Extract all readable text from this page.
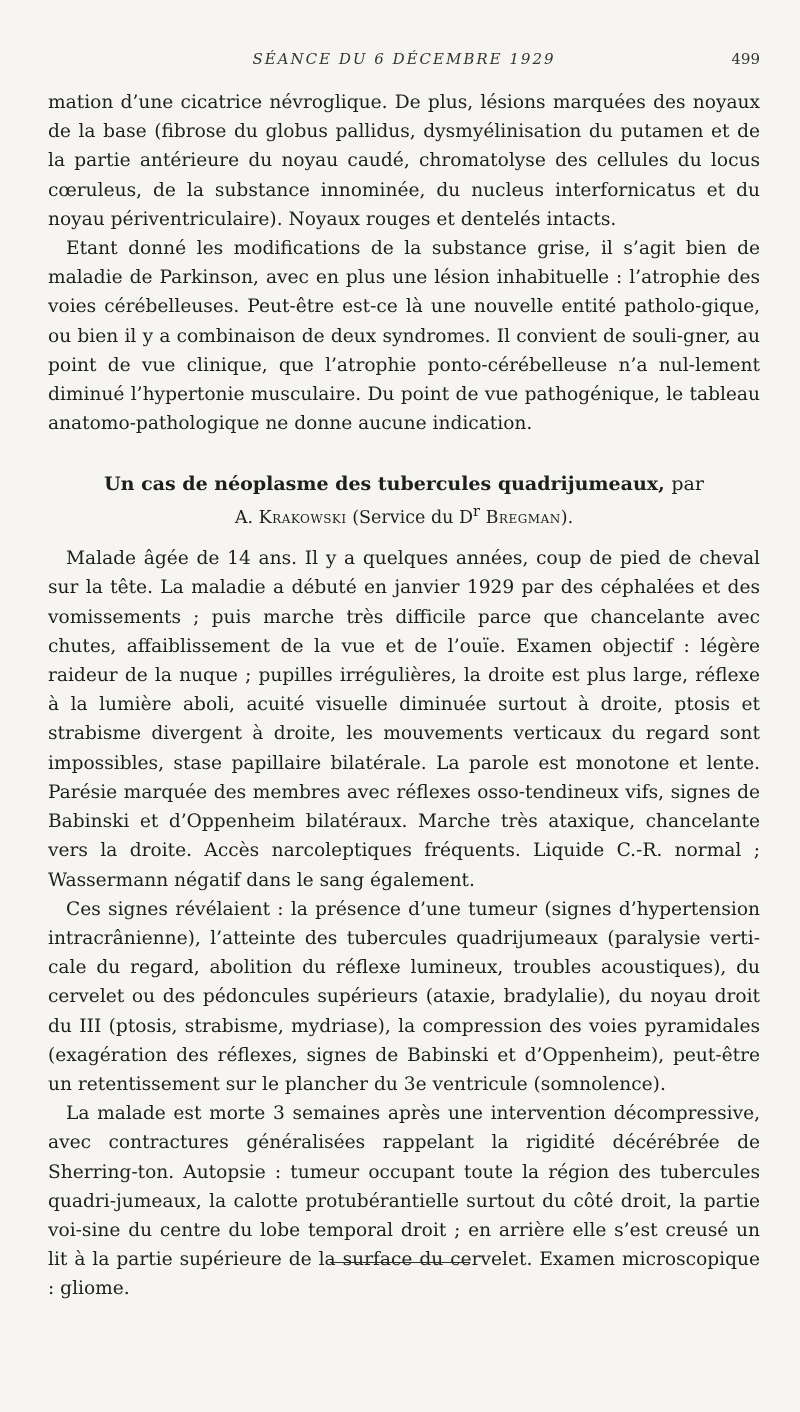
SÉANCE DU 6 DÉCEMBRE 1929	499

mation d’une cicatrice névroglique. De plus, lésions marquées des noyaux de la base (fibrose du globus pallidus, dysmyélinisation du putamen et de la partie antérieure du noyau caudé, chromatolyse des cellules du locus cœruleus, de la substance innominée, du nucleus interfornicatus et du noyau périventriculaire). Noyaux rouges et dentelés intacts.

Etant donné les modifications de la substance grise, il s’agit bien de maladie de Parkinson, avec en plus une lésion inhabituelle : l’atrophie des voies cérébelleuses. Peut-être est-ce là une nouvelle entité patholo-gique, ou bien il y a combinaison de deux syndromes. Il convient de souli-gner, au point de vue clinique, que l’atrophie ponto-cérébelleuse n’a nul-lement diminué l’hypertonie musculaire. Du point de vue pathogénique, le tableau anatomo-pathologique ne donne aucune indication.

Un cas de néoplasme des tubercules quadrijumeaux, par
A. Krakowski (Service du $D^r$ Bregman).

Malade âgée de 14 ans. Il y a quelques années, coup de pied de cheval sur la tête. La maladie a débuté en janvier 1929 par des céphalées et des vomissements ; puis marche très difficile parce que chancelante avec chutes, affaiblissement de la vue et de l’ouïe. Examen objectif : légère raideur de la nuque ; pupilles irrégulières, la droite est plus large, réflexe à la lumière aboli, acuité visuelle diminuée surtout à droite, ptosis et strabisme divergent à droite, les mouvements verticaux du regard sont impossibles, stase papillaire bilatérale. La parole est monotone et lente. Parésie marquée des membres avec réflexes osso-tendineux vifs, signes de Babinski et d’Oppenheim bilatéraux. Marche très ataxique, chancelante vers la droite. Accès narcoleptiques fréquents. Liquide C.-R. normal ; Wassermann négatif dans le sang également.

Ces signes révélaient : la présence d’une tumeur (signes d’hypertension intracrânienne), l’atteinte des tubercules quadrijumeaux (paralysie verti-cale du regard, abolition du réflexe lumineux, troubles acoustiques), du cervelet ou des pédoncules supérieurs (ataxie, bradylalie), du noyau droit du III (ptosis, strabisme, mydriase), la compression des voies pyramidales (exagération des réflexes, signes de Babinski et d’Oppenheim), peut-être un retentissement sur le plancher du 3e ventricule (somnolence).

La malade est morte 3 semaines après une intervention décompressive, avec contractures généralisées rappelant la rigidité décérébrée de Sherring-ton. Autopsie : tumeur occupant toute la région des tubercules quadri-jumeaux, la calotte protubérantielle surtout du côté droit, la partie voi-sine du centre du lobe temporal droit ; en arrière elle s’est creusé un lit à la partie supérieure de la surface du cervelet. Examen microscopique : gliome.
